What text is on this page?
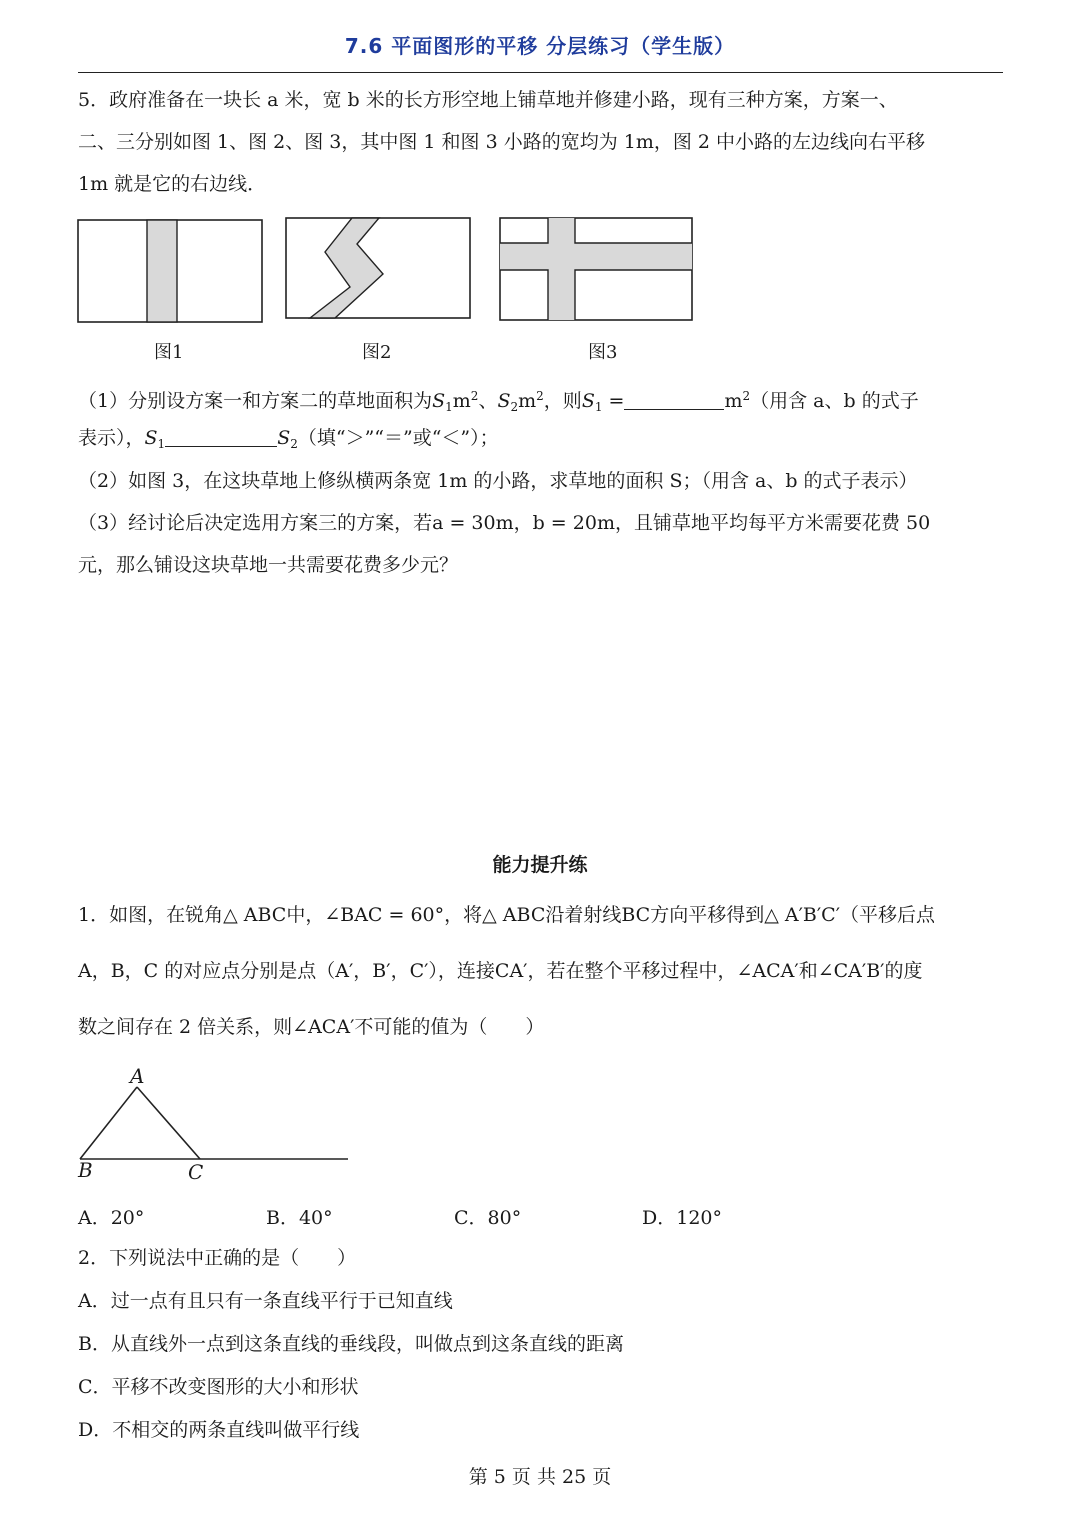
7.6 平面图形的平移 分层练习（学生版）
5．政府准备在一块长 a 米，宽 b 米的长方形空地上铺草地并修建小路，现有三种方案，方案一、
二、三分别如图 1、图 2、图 3，其中图 1 和图 3 小路的宽均为 1m，图 2 中小路的左边线向右平移
1m 就是它的右边线．
图1	图2	图3
（1）分别设方案一和方案二的草地面积为$S_1m^2$、$S_2m^2$，则$S_1$ =	$m^2$（用含 a、b 的式子
表示），$S_1$	$S_2$（填“＞”“＝”或“＜”）；
（2）如图 3，在这块草地上修纵横两条宽 1m 的小路，求草地的面积 S；（用含 a、b 的式子表示）
（3）经讨论后决定选用方案三的方案，若a = 30m，b = 20m，且铺草地平均每平方米需要花费 50
元，那么铺设这块草地一共需要花费多少元？
能力提升练
1．如图，在锐角△ ABC中，∠BAC = 60°，将△ ABC沿着射线BC方向平移得到△ A′B′C′（平移后点
A，B，C 的对应点分别是点（A′，B′，C′），连接CA′，若在整个平移过程中，∠ACA′和∠CA′B′的度
数之间存在 2 倍关系，则∠ACA′不可能的值为（　　）
A
B	C
A．20°	B．40°	C．80°	D．120°
2．下列说法中正确的是（　　）
A．过一点有且只有一条直线平行于已知直线
B．从直线外一点到这条直线的垂线段，叫做点到这条直线的距离
C．平移不改变图形的大小和形状
D．不相交的两条直线叫做平行线
第 5 页 共 25 页
